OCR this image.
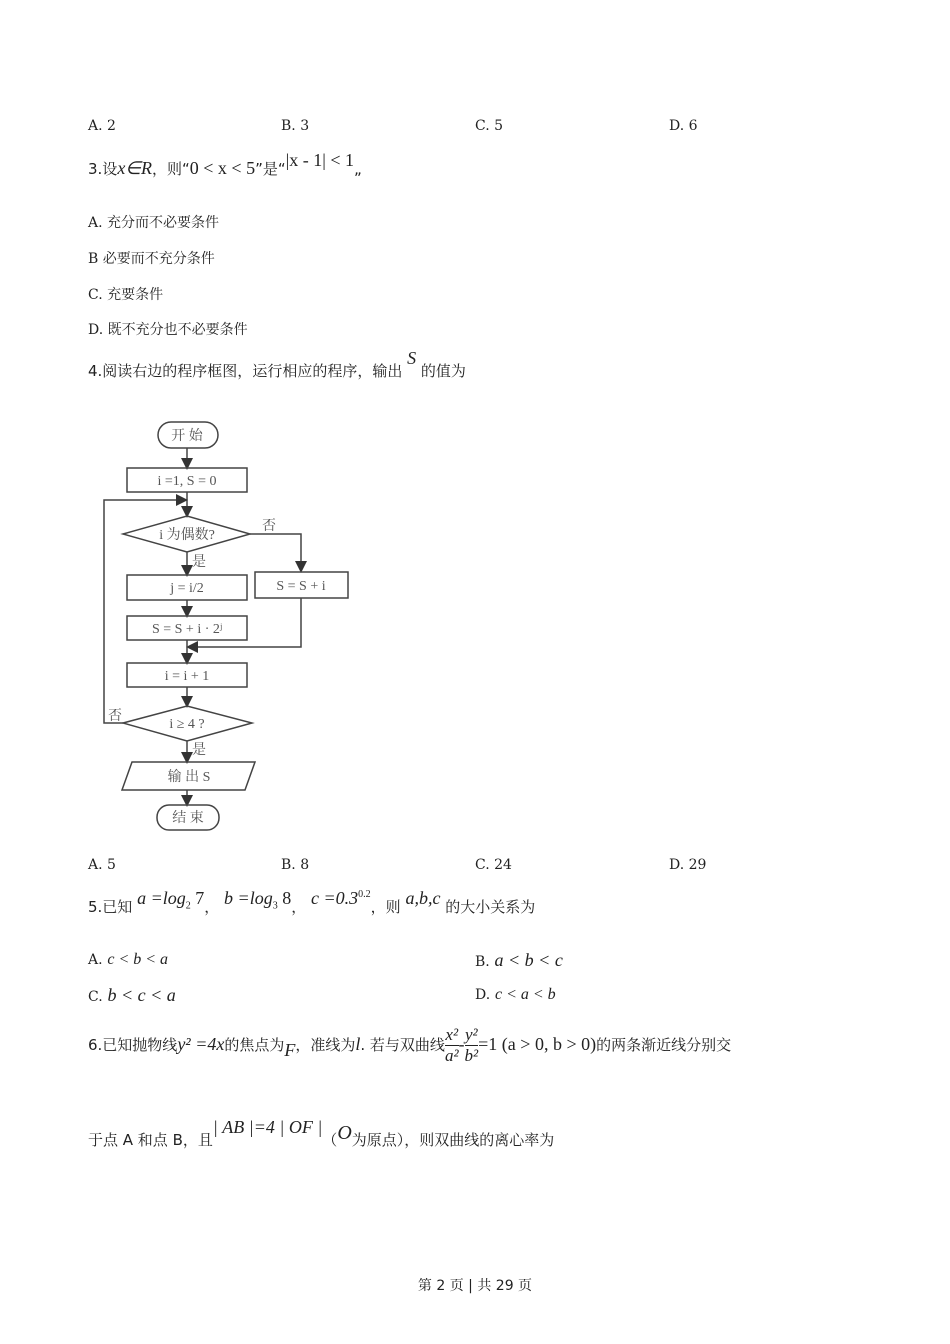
A. 2	B. 3	C. 5	D. 6
3.设x∈R，则“0 < x < 5”是“|x - 1| < 1„
A. 充分而不必要条件
B 必要而不充分条件
C. 充要条件
D. 既不充分也不必要条件
4.阅读右边的程序框图，运行相应的程序，输出 S 的值为
开 始
i =1, S = 0
i 为偶数?
否
是
j = i/2	S = S + i
S = S + i · 2ʲ
i = i + 1
i ≥ 4 ?
否
是
输 出 S
结 束
A. 5	B. 8	C. 24	D. 29
5.已知 $a =\log_2$ 7， $b =\log_3$ 8， $c =0.3^{0.2}$，则 a,b,c 的大小关系为
A. c < b < a	B. a < b < c
C. b < c < a	D. c < a < b
6.已知抛物线y² =4x的焦点为F，准线为l. 若与双曲线 $\frac{\text{x²}}{\text{a²}} - \frac{\text{y²}}{\text{b²}} =1$ (a > 0, b > 0)的两条渐近线分别交
于点 A 和点 B，且| AB |=4 | OF |（O为原点），则双曲线的离心率为
第 2 页 | 共 29 页
